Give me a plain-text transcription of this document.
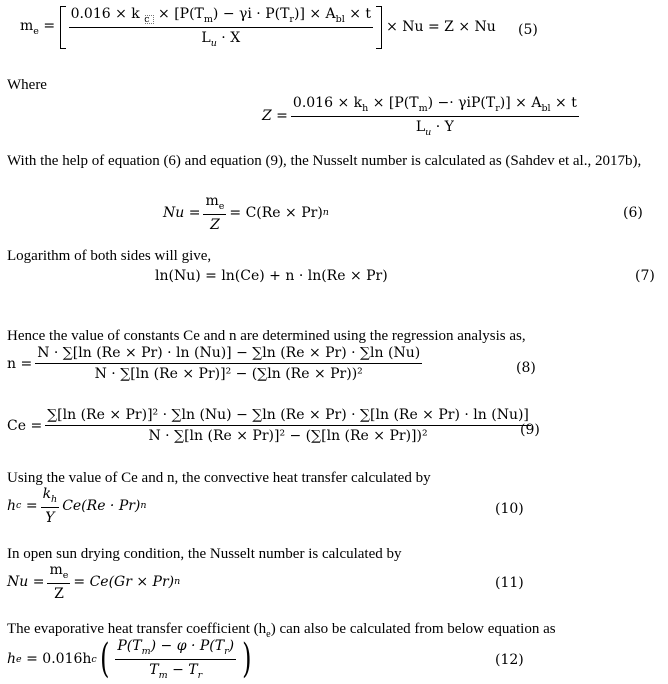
$m_e = \frac{0.016 \times k _c \times [P(T_m) - \gamma i \cdot P(T_r)] \times A_{bl} \times t}{L_u \cdot X} \times Nu = Z \times Nu$ (5)
Where
$Z = \frac{0.016 \times k_h \times [P(T_m) -\cdot \gamma iP(T_r)] \times A_{bl} \times t}{L_u \cdot Y}$
With the help of equation (6) and equation (9), the Nusselt number is calculated as (Sahdev et al., 2017b),
$Nu = \frac{m_e}{Z} = C(Re \times Pr)$ n	(6)
Logarithm of both sides will give,
ln(Nu) = ln(Ce) + n · ln(Re × Pr)	(7)
Hence the value of constants Ce and n are determined using the regression analysis as,
$n = \frac{N \cdot \sum[\ln (Re \times Pr) \cdot \ln (Nu)] - \sum\ln (Re \times Pr) \cdot \sum\ln (Nu)}{\text{N · ∑[ln (Re × Pr)]² − (∑ln (Re × Pr))²}}$	(8)
Ce =
∑[ln (Re × Pr)]² · ∑ln (Nu) − ∑ln (Re × Pr) · ∑[ln (Re × Pr) · ln (Nu)]
N · ∑[ln (Re × Pr)]² − (∑[ln (Re × Pr)])²	(9)
Using the value of Ce and n, the convective heat transfer calculated by
h $c = \frac{k_h}{Y} Ce(Re \cdot Pr)$ n	(10)
In open sun drying condition, the Nusselt number is calculated by
$Nu = \frac{m_e}{Z} = Ce(Gr \times Pr)$ n	(11)
The evaporative heat transfer coefficient $(h_e)$ can also be calculated from below equation as
h e
= 0.016h c ( $\frac{P(T_m) - \varphi \cdot P(T_r)}{T_m - T_r}$ )	(12)
